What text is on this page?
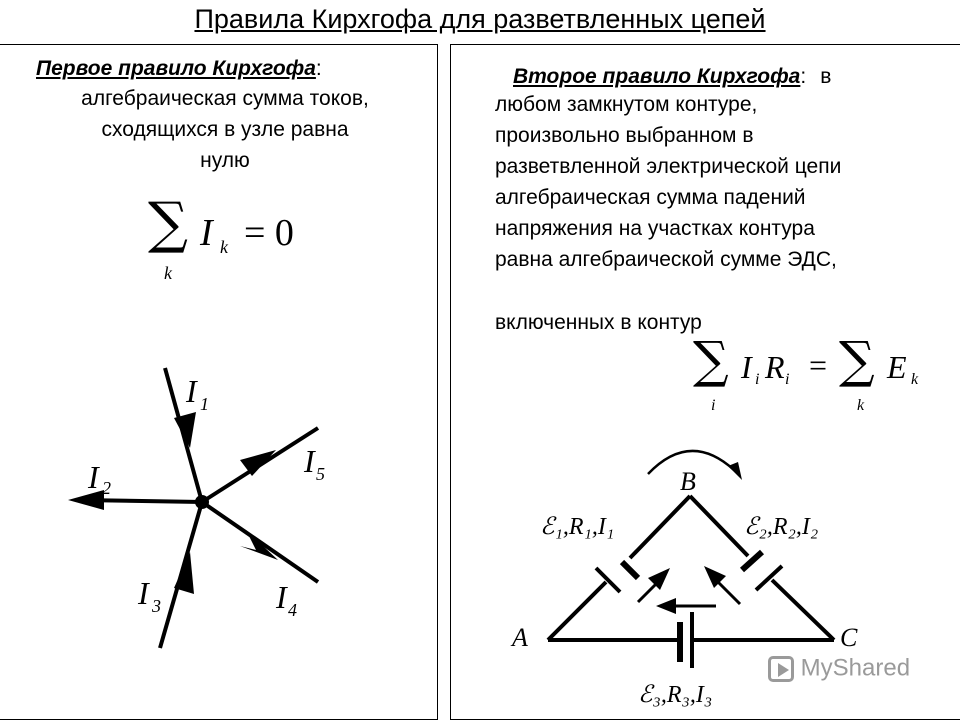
Правила Кирхгофа для разветвленных цепей
Первое правило Кирхгофа:
алгебраическая сумма токов,
сходящихся в узле равна
нулю
∑
k
I k = 0
Второе правило Кирхгофа: в
любом замкнутом контуре,
произвольно выбранном в
разветвленной электрической цепи
алгебраическая сумма падений
напряжения на участках контура
равна алгебраической сумме ЭДС,
включенных в контур
∑
i
I i R i = ∑
k
E k
I 1
I 2
I 3	I 4
I 5	B
A	C
ℰ₁,R₁,I₁	ℰ₂,R₂,I₂
ℰ₃,R₃,I₃
MyShared
